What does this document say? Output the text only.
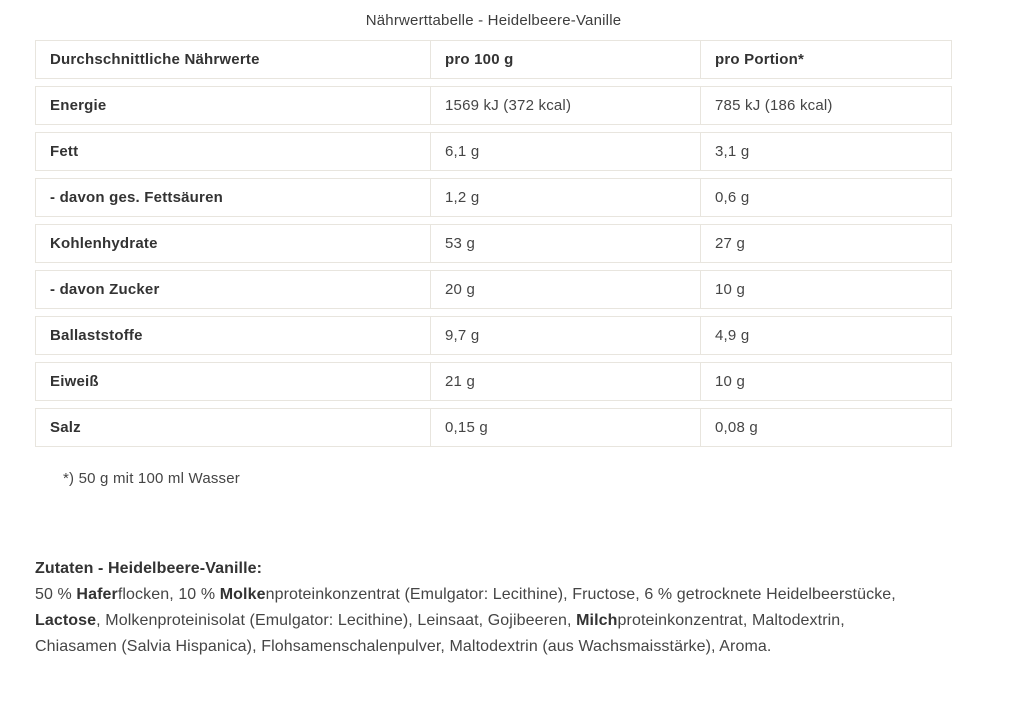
Nährwerttabelle - Heidelbeere-Vanille
Durchschnittliche Nährwerte	pro 100 g	pro Portion*
Energie	1569 kJ (372 kcal)	785 kJ (186 kcal)
Fett	6,1 g	3,1 g
- davon ges. Fettsäuren	1,2 g	0,6 g
Kohlenhydrate	53 g	27 g
- davon Zucker	20 g	10 g
Ballaststoffe	9,7 g	4,9 g
Eiweiß	21 g	10 g
Salz	0,15 g	0,08 g
*) 50 g mit 100 ml Wasser
Zutaten - Heidelbeere-Vanille:
50 % Haferflocken, 10 % Molkenproteinkonzentrat (Emulgator: Lecithine), Fructose, 6 % getrocknete Heidelbeerstücke,
Lactose, Molkenproteinisolat (Emulgator: Lecithine), Leinsaat, Gojibeeren, Milchproteinkonzentrat, Maltodextrin,
Chiasamen (Salvia Hispanica), Flohsamenschalenpulver, Maltodextrin (aus Wachsmaisstärke), Aroma.
